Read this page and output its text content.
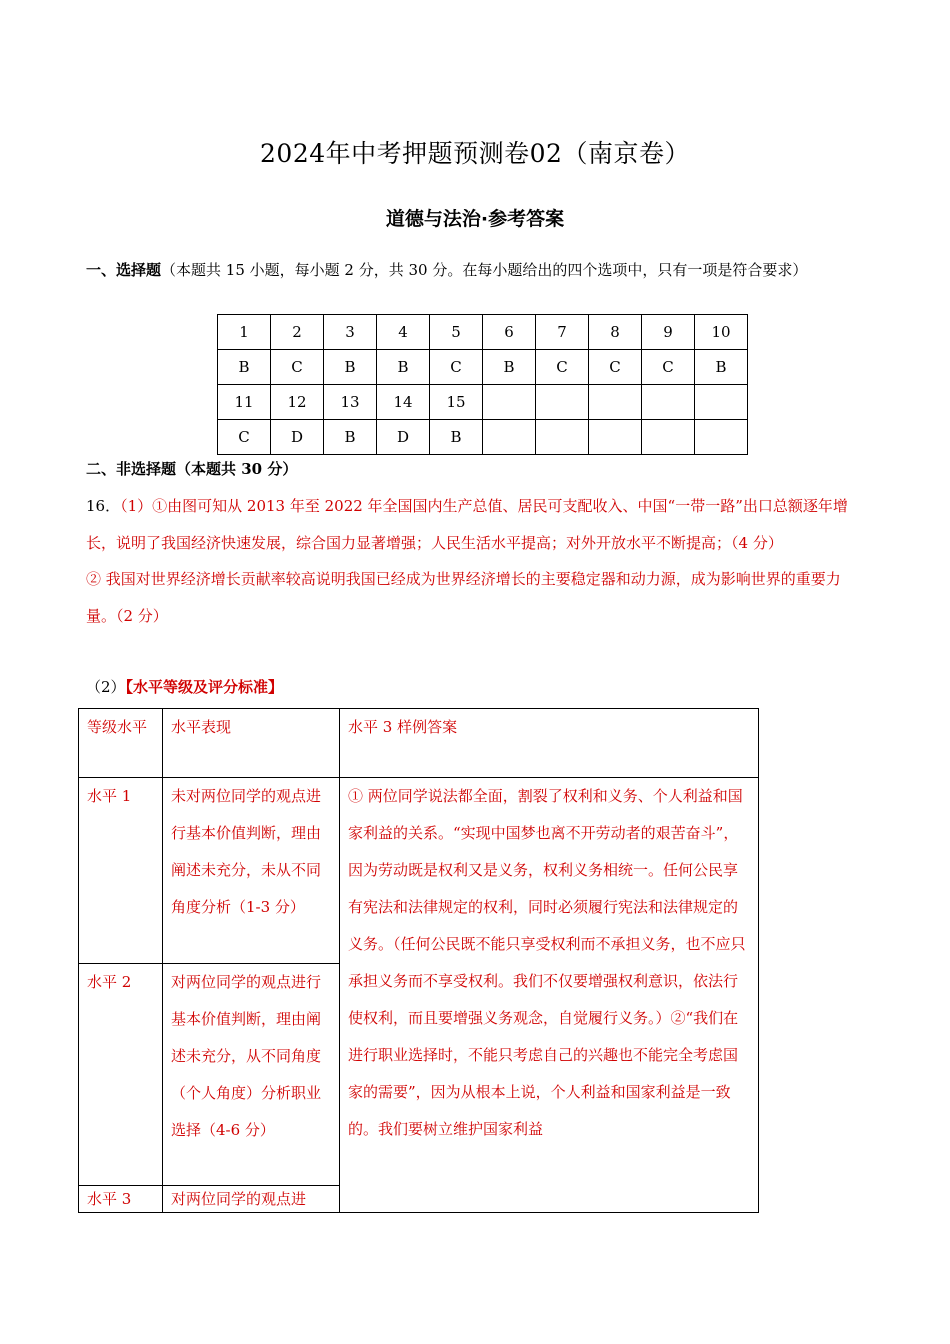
2024年中考押题预测卷02（南京卷）
道德与法治·参考答案
一、选择题（本题共 15 小题，每小题 2 分，共 30 分。在每小题给出的四个选项中，只有一项是符合要求）
1	2	3	4	5	6	7	8	9	10
B	C	B	B	C	B	C	C	C	B
11	12	13	14	15					
C	D	B	D	B					
二、非选择题（本题共 30 分）

16．（1）①由图可知从 2013 年至 2022 年全国国内生产总值、居民可支配收入、中国“一带一路”出口总额逐年增长，说明了我国经济快速发展，综合国力显著增强；人民生活水平提高；对外开放水平不断提高；（4 分）

② 我国对世界经济增长贡献率较高说明我国已经成为世界经济增长的主要稳定器和动力源，成为影响世界的重要力量。（2 分）

（2）【水平等级及评分标准】
等级水平	水平表现	水平 3 样例答案
水平 1	未对两位同学的观点进行基本价值判断，理由阐述未充分，未从不同角度分析（1-3 分）	① 两位同学说法都全面，割裂了权利和义务、个人利益和国家利益的关系。“实现中国梦也离不开劳动者的艰苦奋斗”，因为劳动既是权利又是义务，权利义务相统一。任何公民享有宪法和法律规定的权利，同时必须履行宪法和法律规定的义务。（任何公民既不能只享受权利而不承担义务，也不应只承担义务而不享受权利。我们不仅要增强权利意识，依法行使权利，而且要增强义务观念，自觉履行义务。）②“我们在进行职业选择时，不能只考虑自己的兴趣也不能完全考虑国家的需要”，因为从根本上说，个人利益和国家利益是一致的。我们要树立维护国家利益
水平 2	对两位同学的观点进行基本价值判断，理由阐述未充分，从不同角度（个人角度）分析职业选择（4-6 分）	
水平 3	对两位同学的观点进	
